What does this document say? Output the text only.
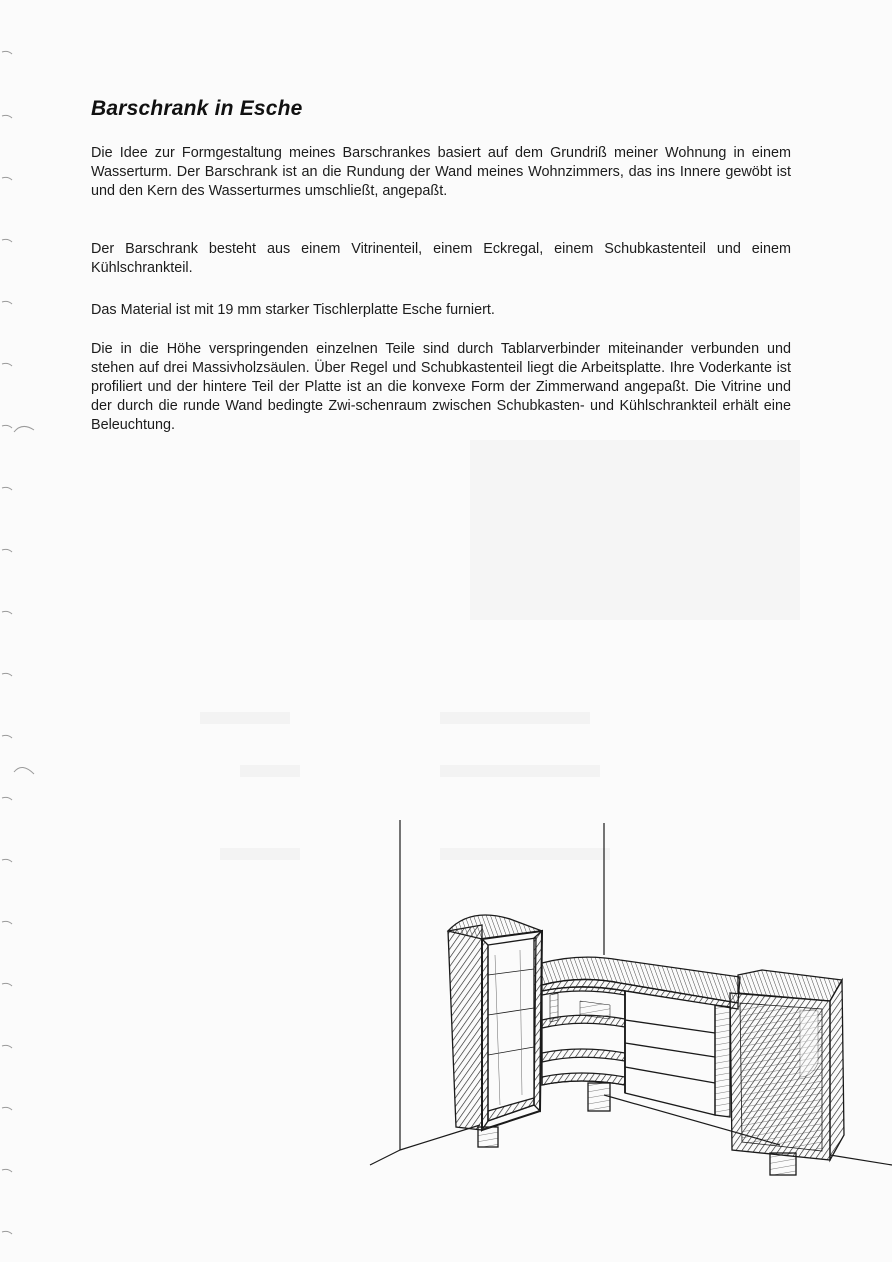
Barschrank in Esche

Die Idee zur Formgestaltung meines Barschrankes basiert auf dem Grundriß meiner Wohnung in einem Wasserturm. Der Barschrank ist an die Rundung der Wand meines Wohnzimmers, das ins Innere gewöbt ist und den Kern des Wasserturmes umschließt, angepaßt.

Der Barschrank besteht aus einem Vitrinenteil, einem Eckregal, einem Schubkastenteil und einem Kühlschrankteil.

Das Material ist mit 19 mm starker Tischlerplatte Esche furniert.

Die in die Höhe verspringenden einzelnen Teile sind durch Tablarverbinder miteinander verbunden und stehen auf drei Massivholzsäulen. Über Regel und Schubkastenteil liegt die Arbeitsplatte. Ihre Voderkante ist profiliert und der hintere Teil der Platte ist an die konvexe Form der Zimmerwand angepaßt. Die Vitrine und der durch die runde Wand bedingte Zwi-schenraum zwischen Schubkasten- und Kühlschrankteil erhält eine Beleuchtung.
